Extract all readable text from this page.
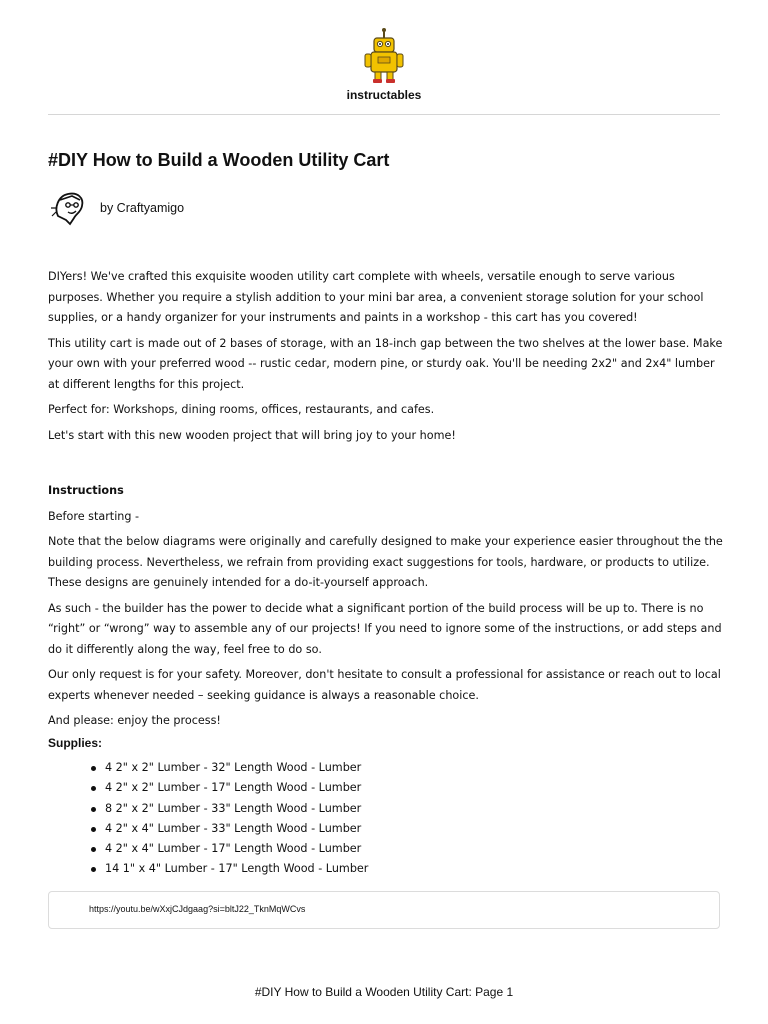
instructables
#DIY How to Build a Wooden Utility Cart
by Craftyamigo

DIYers! We've crafted this exquisite wooden utility cart complete with wheels, versatile enough to serve various purposes. Whether you require a stylish addition to your mini bar area, a convenient storage solution for your school supplies, or a handy organizer for your instruments and paints in a workshop - this cart has you covered!

This utility cart is made out of 2 bases of storage, with an 18-inch gap between the two shelves at the lower base. Make your own with your preferred wood -- rustic cedar, modern pine, or sturdy oak. You'll be needing 2x2" and 2x4" lumber at different lengths for this project.

Perfect for: Workshops, dining rooms, offices, restaurants, and cafes.

Let's start with this new wooden project that will bring joy to your home!

Instructions

Before starting -

Note that the below diagrams were originally and carefully designed to make your experience easier throughout the the building process. Nevertheless, we refrain from providing exact suggestions for tools, hardware, or products to utilize. These designs are genuinely intended for a do-it-yourself approach.

As such - the builder has the power to decide what a significant portion of the build process will be up to. There is no “right” or “wrong” way to assemble any of our projects! If you need to ignore some of the instructions, or add steps and do it differently along the way, feel free to do so.

Our only request is for your safety. Moreover, don't hesitate to consult a professional for assistance or reach out to local experts whenever needed – seeking guidance is always a reasonable choice.

And please: enjoy the process!

Supplies:

4 2" x 2" Lumber - 32" Length Wood - Lumber
4 2" x 2" Lumber - 17" Length Wood - Lumber
8 2" x 2" Lumber - 33" Length Wood - Lumber
4 2" x 4" Lumber - 33" Length Wood - Lumber
4 2" x 4" Lumber - 17" Length Wood - Lumber
14 1" x 4" Lumber - 17" Length Wood - Lumber
https://youtu.be/wXxjCJdgaag?si=bltJ22_TknMqWCvs
#DIY How to Build a Wooden Utility Cart: Page 1
